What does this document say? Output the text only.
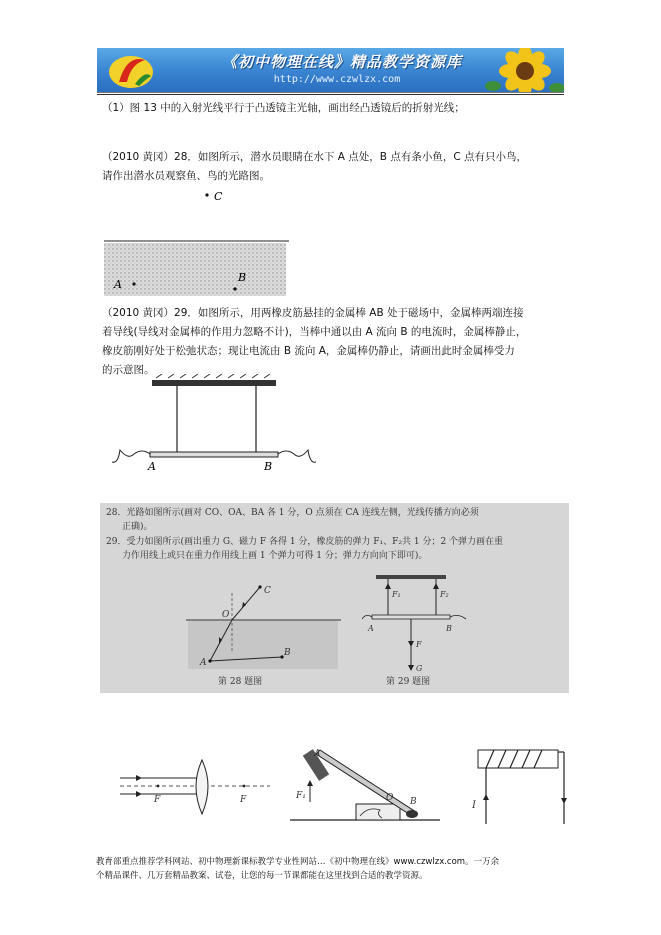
《初中物理在线》精品教学资源库
http://www.czwlzx.com
（1）图 13 中的入射光线平行于凸透镜主光轴，画出经凸透镜后的折射光线；
（2010 黄冈）28．如图所示，潜水员眼睛在水下 A 点处，B 点有条小鱼，C 点有只小鸟，
请作出潜水员观察鱼、鸟的光路图。
C
A
B
（2010 黄冈）29．如图所示，用两橡皮筋悬挂的金属棒 AB 处于磁场中，金属棒两端连接
着导线(导线对金属棒的作用力忽略不计)，当棒中通以由 A 流向 B 的电流时，金属棒静止，
橡皮筋刚好处于松弛状态；现让电流由 B 流向 A，金属棒仍静止，请画出此时金属棒受力
的示意图。
A	B
28．光路如图所示(画对 CO、OA、BA 各 1 分，O 点须在 CA 连线左侧，光线传播方向必须
正确)。
29．受力如图所示(画出重力 G、磁力 F 各得 1 分，橡皮筋的弹力 F₁、F₂共 1 分；2 个弹力画在重
力作用线上或只在重力作用线上画 1 个弹力可得 1 分；弹力方向向下即可)。
C
O
A
B
第 28 题图
F₁	F₂
A	B
F
G
第 29 题图
F	F
A
F₁	O B	I
教育部重点推荐学科网站、初中物理新课标教学专业性网站…《初中物理在线》www.czwlzx.com。一万余
个精品课件、几万套精品教案、试卷，让您的每一节课都能在这里找到合适的教学资源。
